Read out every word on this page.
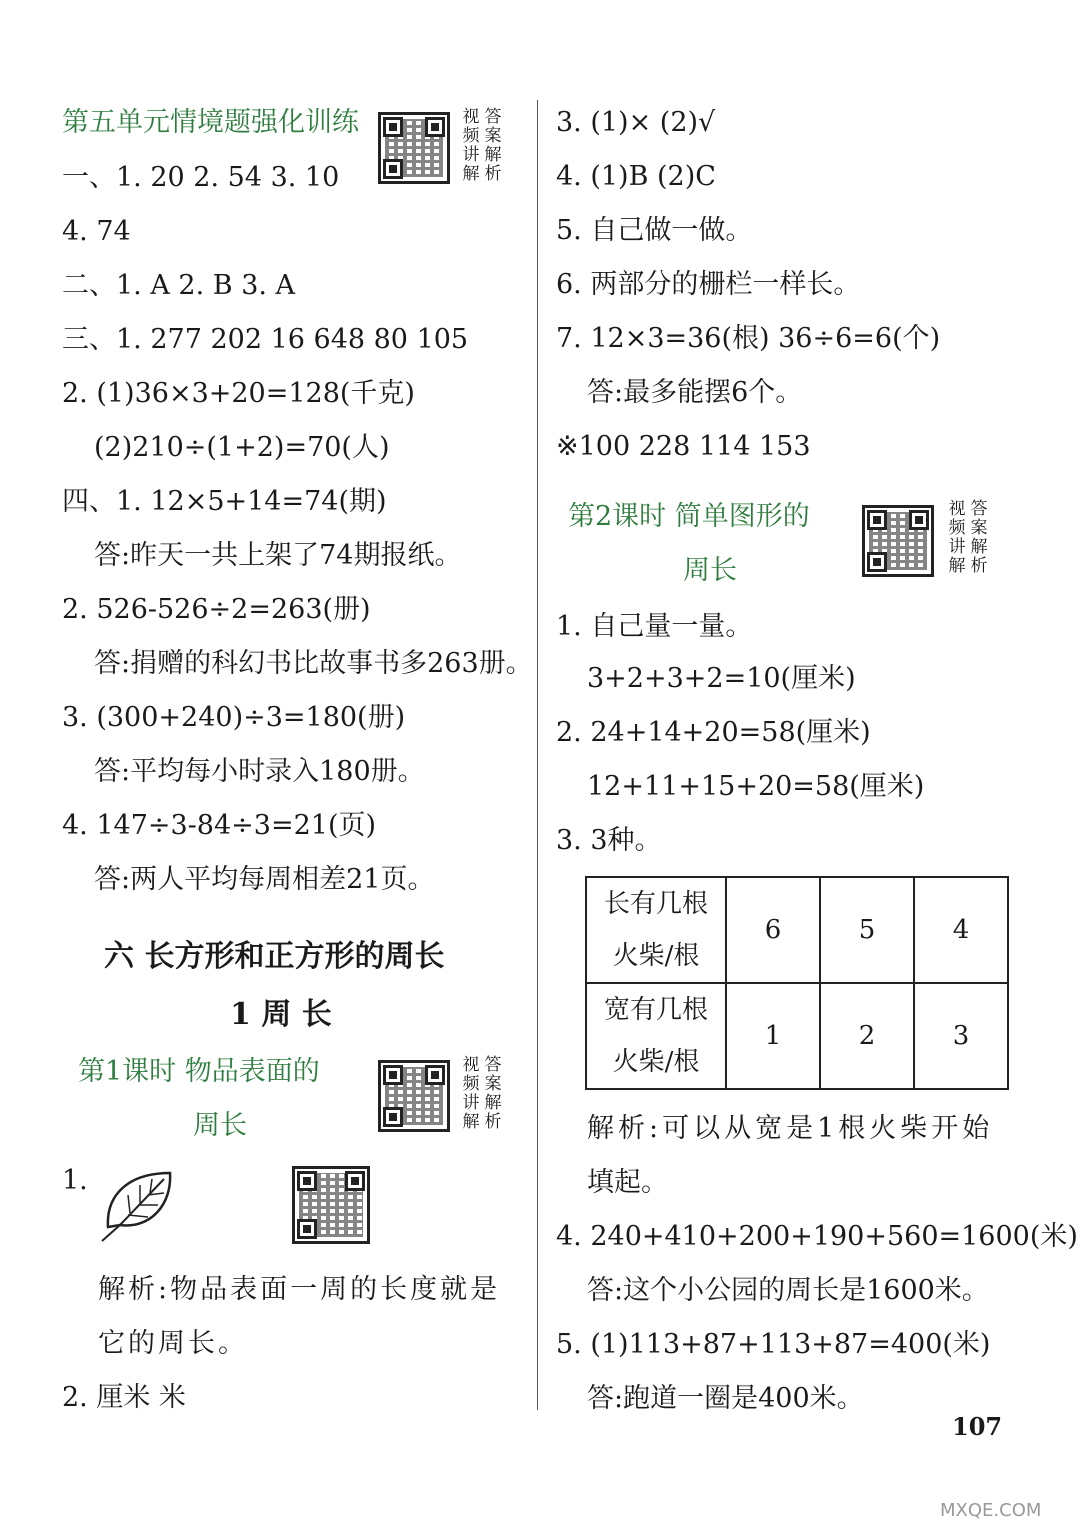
第五单元情境题强化训练	视 答
频 案
讲 解
解 析
一、1. 20 2. 54 3. 10
4. 74
二、1. A 2. B 3. A
三、1. 277 202 16 648 80 105
2. (1)36×3+20=128(千克)
(2)210÷(1+2)=70(人)
四、1. 12×5+14=74(期)
答:昨天一共上架了74期报纸。
2. 526-526÷2=263(册)
答:捐赠的科幻书比故事书多263册。
3. (300+240)÷3=180(册)
答:平均每小时录入180册。
4. 147÷3-84÷3=21(页)
答:两人平均每周相差21页。
六 长方形和正方形的周长
1 周 长
第1课时 物品表面的
周长
视 答
频 案
讲 解
解 析
1.
解析:物品表面一周的长度就是
它的周长。
2. 厘米 米
3. (1)× (2)√
4. (1)B (2)C
5. 自己做一做。
6. 两部分的栅栏一样长。
7. 12×3=36(根) 36÷6=6(个)
答:最多能摆6个。
※100 228 114 153
第2课时 简单图形的
周长
视 答
频 案
讲 解
解 析
1. 自己量一量。
3+2+3+2=10(厘米)
2. 24+14+20=58(厘米)
12+11+15+20=58(厘米)
3. 3种。
长有几根
火柴/根	6	5	4
宽有几根
火柴/根	1	2	3
解析:可以从宽是1根火柴开始
填起。
4. 240+410+200+190+560=1600(米)
答:这个小公园的周长是1600米。
5. (1)113+87+113+87=400(米)
答:跑道一圈是400米。
107
MXQE.COM
